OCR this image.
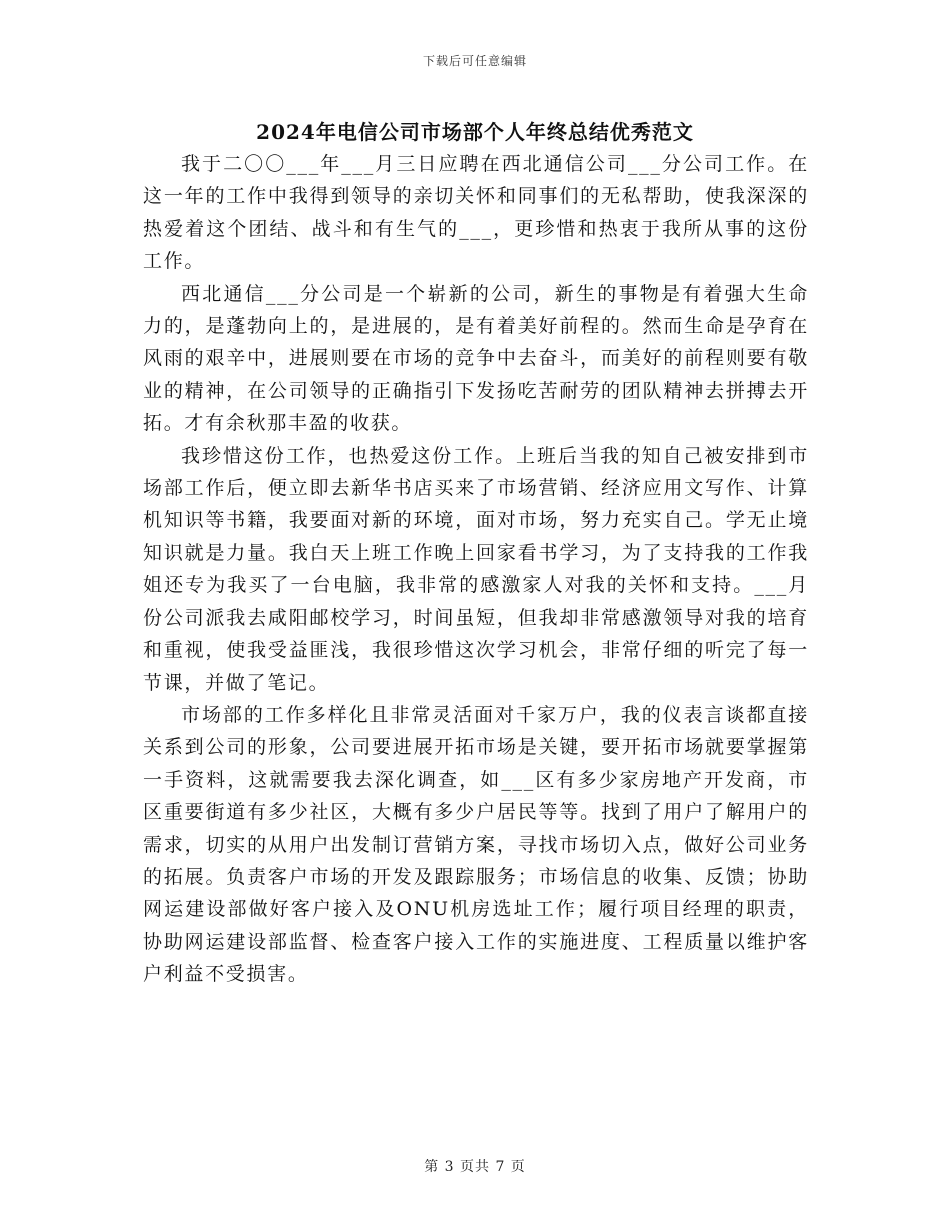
下载后可任意编辑
2024年电信公司市场部个人年终总结优秀范文

我于二〇〇___年___月三日应聘在西北通信公司___分公司工作。在这一年的工作中我得到领导的亲切关怀和同事们的无私帮助，使我深深的热爱着这个团结、战斗和有生气的___，更珍惜和热衷于我所从事的这份工作。

西北通信___分公司是一个崭新的公司，新生的事物是有着强大生命力的，是蓬勃向上的，是进展的，是有着美好前程的。然而生命是孕育在风雨的艰辛中，进展则要在市场的竞争中去奋斗，而美好的前程则要有敬业的精神，在公司领导的正确指引下发扬吃苦耐劳的团队精神去拼搏去开拓。才有余秋那丰盈的收获。

我珍惜这份工作，也热爱这份工作。上班后当我的知自己被安排到市场部工作后，便立即去新华书店买来了市场营销、经济应用文写作、计算机知识等书籍，我要面对新的环境，面对市场，努力充实自己。学无止境知识就是力量。我白天上班工作晚上回家看书学习，为了支持我的工作我姐还专为我买了一台电脑，我非常的感激家人对我的关怀和支持。___月份公司派我去咸阳邮校学习，时间虽短，但我却非常感激领导对我的培育和重视，使我受益匪浅，我很珍惜这次学习机会，非常仔细的听完了每一节课，并做了笔记。

市场部的工作多样化且非常灵活面对千家万户，我的仪表言谈都直接关系到公司的形象，公司要进展开拓市场是关键，要开拓市场就要掌握第一手资料，这就需要我去深化调查，如___区有多少家房地产开发商，市区重要街道有多少社区，大概有多少户居民等等。找到了用户了解用户的需求，切实的从用户出发制订营销方案，寻找市场切入点，做好公司业务的拓展。负责客户市场的开发及跟踪服务；市场信息的收集、反馈；协助网运建设部做好客户接入及ONU机房选址工作；履行项目经理的职责，协助网运建设部监督、检查客户接入工作的实施进度、工程质量以维护客户利益不受损害。

第 3 页共 7 页
